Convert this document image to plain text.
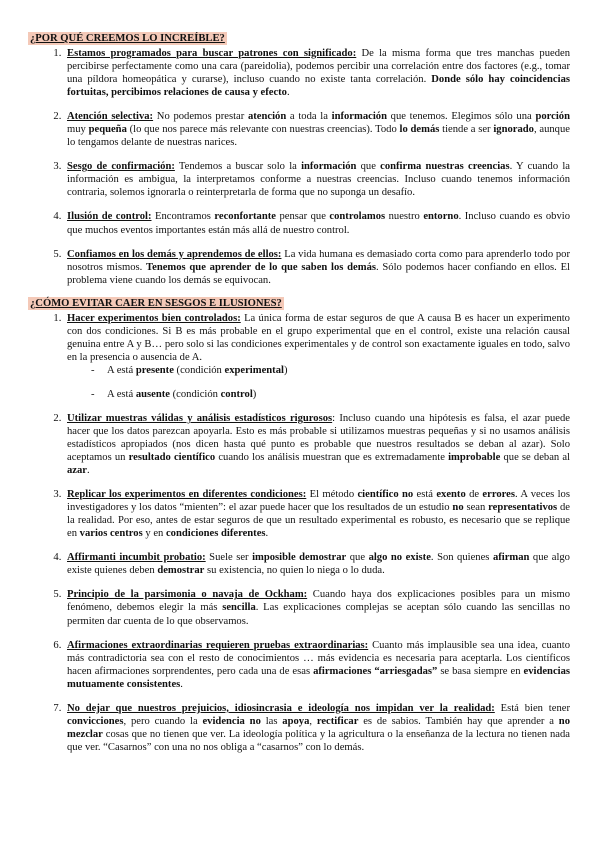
¿POR QUÉ CREEMOS LO INCREÍBLE?
1. Estamos programados para buscar patrones con significado: De la misma forma que tres manchas pueden percibirse perfectamente como una cara (pareidolia), podemos percibir una correlación entre dos factores (e.g., tomar una píldora homeopática y curarse), incluso cuando no existe tanta correlación. Donde sólo hay coincidencias fortuitas, percibimos relaciones de causa y efecto.
2. Atención selectiva: No podemos prestar atención a toda la información que tenemos. Elegimos sólo una porción muy pequeña (lo que nos parece más relevante con nuestras creencias). Todo lo demás tiende a ser ignorado, aunque lo tengamos delante de nuestras narices.
3. Sesgo de confirmación: Tendemos a buscar solo la información que confirma nuestras creencias. Y cuando la información es ambigua, la interpretamos conforme a nuestras creencias. Incluso cuando tenemos información contraria, solemos ignorarla o reinterpretarla de forma que no suponga un desafío.
4. Ilusión de control: Encontramos reconfortante pensar que controlamos nuestro entorno. Incluso cuando es obvio que muchos eventos importantes están más allá de nuestro control.
5. Confiamos en los demás y aprendemos de ellos: La vida humana es demasiado corta como para aprenderlo todo por nosotros mismos. Tenemos que aprender de lo que saben los demás. Sólo podemos hacer confiando en ellos. El problema viene cuando los demás se equivocan.
¿CÓMO EVITAR CAER EN SESGOS E ILUSIONES?
1. Hacer experimentos bien controlados: La única forma de estar seguros de que A causa B es hacer un experimento con dos condiciones. Si B es más probable en el grupo experimental que en el control, existe una relación causal genuina entre A y B… pero solo si las condiciones experimentales y de control son exactamente iguales en todo, salvo en la presencia o ausencia de A.
- A está presente (condición experimental)
- A está ausente (condición control)
2. Utilizar muestras válidas y análisis estadísticos rigurosos: Incluso cuando una hipótesis es falsa, el azar puede hacer que los datos parezcan apoyarla. Esto es más probable si utilizamos muestras pequeñas y si no usamos análisis estadísticos apropiados (nos dicen hasta qué punto es probable que nuestros resultados se deban al azar). Solo aceptamos un resultado científico cuando los análisis muestran que es extremadamente improbable que se deban al azar.
3. Replicar los experimentos en diferentes condiciones: El método científico no está exento de errores. A veces los investigadores y los datos “mienten”: el azar puede hacer que los resultados de un estudio no sean representativos de la realidad. Por eso, antes de estar seguros de que un resultado experimental es robusto, es necesario que se replique en varios centros y en condiciones diferentes.
4. Affirmanti incumbit probatio: Suele ser imposible demostrar que algo no existe. Son quienes afirman que algo existe quienes deben demostrar su existencia, no quien lo niega o lo duda.
5. Principio de la parsimonia o navaja de Ockham: Cuando haya dos explicaciones posibles para un mismo fenómeno, debemos elegir la más sencilla. Las explicaciones complejas se aceptan sólo cuando las sencillas no permiten dar cuenta de lo que observamos.
6. Afirmaciones extraordinarias requieren pruebas extraordinarias: Cuanto más implausible sea una idea, cuanto más contradictoria sea con el resto de conocimientos … más evidencia es necesaria para aceptarla. Los científicos hacen afirmaciones sorprendentes, pero cada una de esas afirmaciones “arriesgadas” se basa siempre en evidencias mutuamente consistentes.
7. No dejar que nuestros prejuicios, idiosincrasia e ideología nos impidan ver la realidad: Está bien tener convicciones, pero cuando la evidencia no las apoya, rectificar es de sabios. También hay que aprender a no mezclar cosas que no tienen que ver. La ideología política y la agricultura o la enseñanza de la lectura no tienen nada que ver. “Casarnos” con una no nos obliga a “casarnos” con lo demás.
